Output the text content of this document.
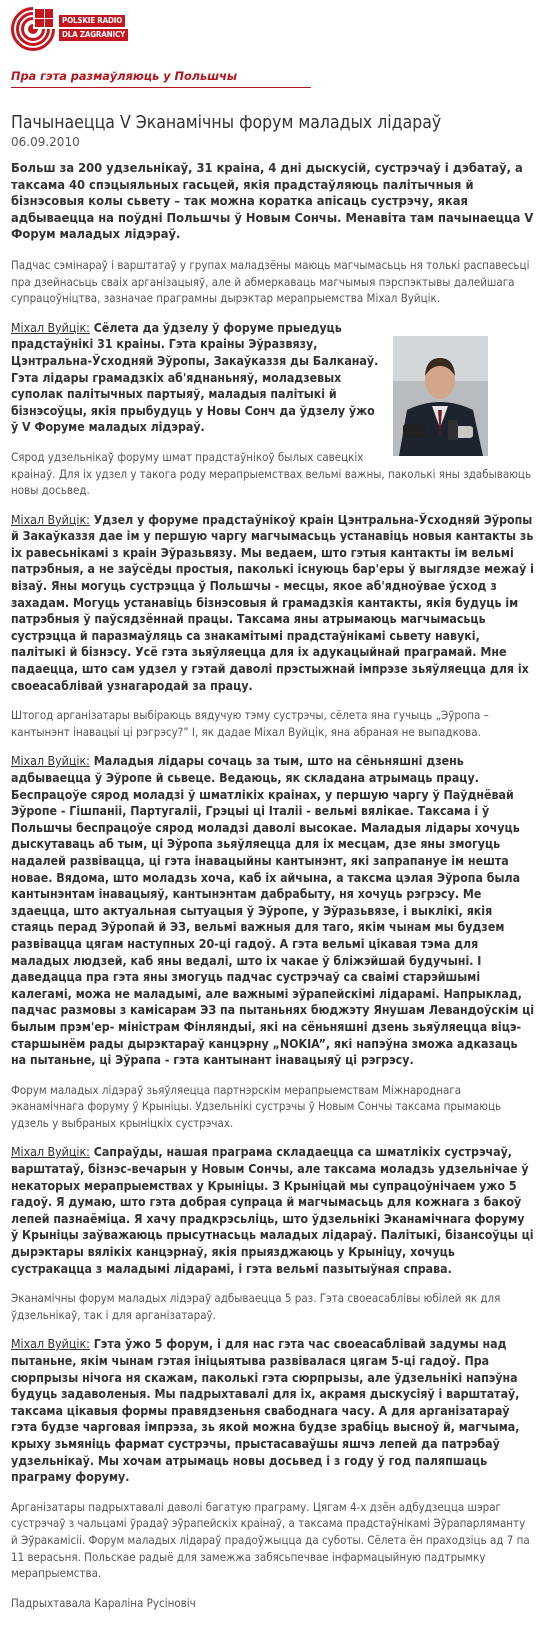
POLSKIE RADIO
DLA ZAGRANICY
Пра гэта размаўляюць у Польшчы
Пачынаецца V Эканамічны форум маладых лідараў
06.09.2010

Больш за 200 удзельнікаў, 31 краіна, 4 дні дыскусій, сустрэчаў і дэбатаў, а таксама 40 спэцыяльных гасьцей, якія прадстаўляюць палітычныя й бізнэсовыя колы сьвету – так можна коратка апісаць сустрэчу, якая адбываецца на поўдні Польшчы ў Новым Сончы. Менавіта там пачынаецца V Форум маладых лідэраў.

Падчас сэмінараў і варштатаў у групах маладзёны маюць магчымасьць ня толькі распавесьці пра дзейнасьць сваіх арганізацыяў, але й абмеркаваць магчымыя пэрспэктывы далейшага супрацоўніцтва, зазначае праграмны дырэктар мерапрыемства Міхал Вуйцік.

Міхал Вуйцік: Сёлета да ўдзелу ў форуме прыедуць прадстаўнікі 31 краіны. Гэта краіны Эўразвязу, Цэнтральна-Ўсходняй Эўропы, Закаўказзя ды Балканаў. Гэта лідары грамадзкіх аб'яднаньняў, моладзевых суполак палітычных партыяў, маладыя палітыкі й бізнэсоўцы, якія прыбудуць у Новы Сонч да ўдзелу ўжо ў V Форуме маладых лідэраў.

Сярод удзельнікаў форуму шмат прадстаўнікоў былых савецкіх краінаў. Для іх удзел у такога роду мерапрыемствах вельмі важны, паколькі яны здабываюць новы досьвед.

Міхал Вуйцік: Удзел у форуме прадстаўнікоў краін Цэнтральна-Ўсходняй Эўропы й Закаўказзя дае ім у першую чаргу магчымасьць устанавіць новыя кантакты зь іх равесьнікамі з краін Эўразьвязу. Мы ведаем, што гэтыя кантакты ім вельмі патрэбныя, а не заўсёды простыя, паколькі існуюць бар'еры ў выглядзе межаў і візаў. Яны могуць сустрэцца ў Польшчы - месцы, якое аб'ядноўвае ўсход з захадам. Могуць устанавіць бізнэсовыя й грамадзкія кантакты, якія будуць ім патрэбныя ў паўсядзённай працы. Таксама яны атрымаюць магчымасьць сустрэцца й паразмаўляць са знакамітымі прадстаўнікамі сьвету навукі, палітыкі й бізнэсу. Усё гэта зьяўляецца для іх адукацыйнай праграмай. Мне падаецца, што сам удзел у гэтай даволі прэстыжнай імпрэзе зьяўляецца для іх своеасаблівай узнагародай за працу.

Штогод арганізатары выбіраюць вядучую тэму сустрэчы, сёлета яна гучыць „Эўропа – кантынэнт інавацыі ці рэгрэсу?” І, як дадае Міхал Вуйцік, яна абраная не выпадкова.

Міхал Вуйцік: Маладыя лідары сочаць за тым, што на сёньняшні дзень адбываецца ў Эўропе й сьвеце. Ведаюць, як складана атрымаць працу. Беспрацоўе сярод моладзі ў шматлікіх краінах, у першую чаргу ў Паўднёвай Эўропе - Гішпаніі, Партугаліі, Грэцыі ці Італіі - вельмі вялікае. Таксама і ў Польшчы беспрацоўе сярод моладзі даволі высокае. Маладыя лідары хочуць дыскутаваць аб тым, ці Эўропа зьяўляецца для іх месцам, дзе яны змогуць надалей развівацца, ці гэта інавацыйны кантынэнт, які запрапануе ім нешта новае. Вядома, што моладзь хоча, каб іх айчына, а таксма цэлая Эўропа была кантынэнтам інавацыяў, кантынэнтам дабрабыту, ня хочуць рэгрэсу. Ме здаецца, што актуальная сытуацыя ў Эўропе, у Эўразьвязе, і выклікі, якія стаяць перад Эўропай й ЭЗ, вельмі важныя для таго, якім чынам мы будзем развівацца цягам наступных 20-ці гадоў. А гэта вельмі цікавая тэма для маладых людзей, каб яны ведалі, што іх чакае ў бліжэйшай будучыні. І даведацца пра гэта яны змогуць падчас сустрэчаў са сваімі старэйшымі калегамі, можа не маладымі, але важнымі эўрапейскімі лідарамі. Напрыклад, падчас размовы з камісарам ЭЗ па пытаньнях бюджэту Янушам Левандоўскім ці былым прэм'ер- міністрам Фінляндыі, які на сёньняшні дзень зьяўляецца віцэ-старшынём рады дырэктараў канцэрну „NOKIA”, які напэўна зможа адказаць на пытаньне, ці Эўрапа - гэта кантынант інавацыяў ці рэгрэсу.

Форум маладых лідэраў зьяўляецца партнэрскім мерапрыемствам Міжнароднага эканамічнага форуму ў Крыніцы. Удзельнікі сустрэчы ў Новым Сончы таксама прымаюць удзель у выбраных крыніцкіх сустрэчах.

Міхал Вуйцік: Сапраўды, нашая праграма складаецца са шматлікіх сустрэчаў, варштатаў, бізнэс-вечарын у Новым Сончы, але таксама моладзь удзельнічае ў некаторых мерапрыемствах у Крыніцы. З Крыніцай мы супрацоўнічаем ужо 5 гадоў. Я думаю, што гэта добрая супраца й магчымасьць для кожнага з бакоў лепей пазнаёміца. Я хачу прадкрэсьліць, што ўдзельнікі Эканамічнага форуму ў Крыніцы заўважаюць прысутнасьць маладых лідараў. Палітыкі, бізансоўцы ці дырэктары вялікіх канцэрнаў, якія прыязджаюць у Крыніцу, хочуць сустракацца з маладымі лідарамі, і гэта вельмі пазытыўная справа.

Эканамічны форум маладых лідэраў адбываецца 5 раз. Гэта своеасаблівы юбілей як для ўдзельнікаў, так і для арганізатараў.

Міхал Вуйцік: Гэта ўжо 5 форум, і для нас гэта час своеасаблівай задумы над пытаньне, якім чынам гэтая ініцыятыва развівалася цягам 5-ці гадоў. Пра сюрпрызы нічога ня скажам, паколькі гэта сюрпрызы, але ўдзельнікі напэўна будуць задаволеныя. Мы падрыхтавалі для іх, акрамя дыскусіяў і варштатаў, таксама цікавыя формы правядзеньня свабоднага часу. А для арганізатараў гэта будзе чарговая імпрэза, зь якой можна будзе зрабіць высноў й, магчыма, крыху зьмяніць фармат сустрэчы, прыстасаваўшы яшчэ лепей да патрэбаў удзельнікаў. Мы хочам атрымаць новы досьвед і з году ў год паляпшаць праграму форуму.

Арганізатары падрыхтавалі даволі багатую праграму. Цягам 4-х дзён адбудзецца шэраг сустрэчаў з чальцамі ўрадаў эўрапейскіх краінаў, а таксама прадстаўнікамі Эўрапарляманту й Эўракамісіі. Форум маладых лідараў прадоўжыцца да суботы. Сёлета ён праходзіць ад 7 па 11 верасьня. Польскае радыё для замежжа забясьпечвае інфармацыйную падтрымку мерапрыемства.

Падрыхтавала Караліна Русіновіч
